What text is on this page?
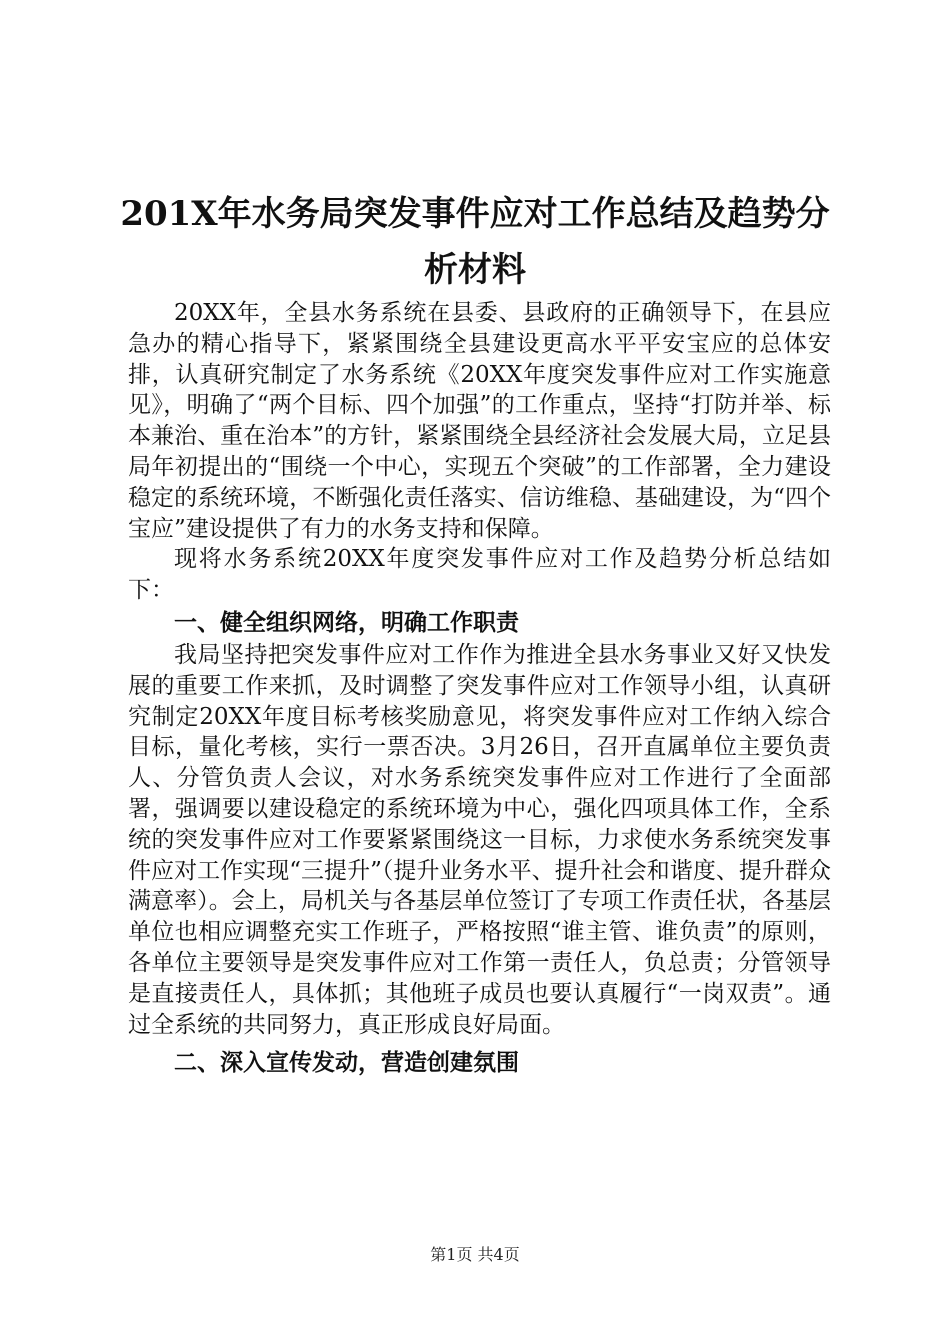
201X年水务局突发事件应对工作总结及趋势分析材料

20XX年，全县水务系统在县委、县政府的正确领导下，在县应急办的精心指导下，紧紧围绕全县建设更高水平平安宝应的总体安排，认真研究制定了水务系统《20XX年度突发事件应对工作实施意见》，明确了“两个目标、四个加强”的工作重点，坚持“打防并举、标本兼治、重在治本”的方针，紧紧围绕全县经济社会发展大局，立足县局年初提出的“围绕一个中心，实现五个突破”的工作部署，全力建设稳定的系统环境，不断强化责任落实、信访维稳、基础建设，为“四个宝应”建设提供了有力的水务支持和保障。

现将水务系统20XX年度突发事件应对工作及趋势分析总结如下：

一、健全组织网络，明确工作职责

我局坚持把突发事件应对工作作为推进全县水务事业又好又快发展的重要工作来抓，及时调整了突发事件应对工作领导小组，认真研究制定20XX年度目标考核奖励意见，将突发事件应对工作纳入综合目标，量化考核，实行一票否决。3月26日，召开直属单位主要负责人、分管负责人会议，对水务系统突发事件应对工作进行了全面部署，强调要以建设稳定的系统环境为中心，强化四项具体工作，全系统的突发事件应对工作要紧紧围绕这一目标，力求使水务系统突发事件应对工作实现“三提升”（提升业务水平、提升社会和谐度、提升群众满意率）。会上，局机关与各基层单位签订了专项工作责任状，各基层单位也相应调整充实工作班子，严格按照“谁主管、谁负责”的原则，各单位主要领导是突发事件应对工作第一责任人，负总责；分管领导是直接责任人，具体抓；其他班子成员也要认真履行“一岗双责”。通过全系统的共同努力，真正形成良好局面。

二、深入宣传发动，营造创建氛围
第1页 共4页
